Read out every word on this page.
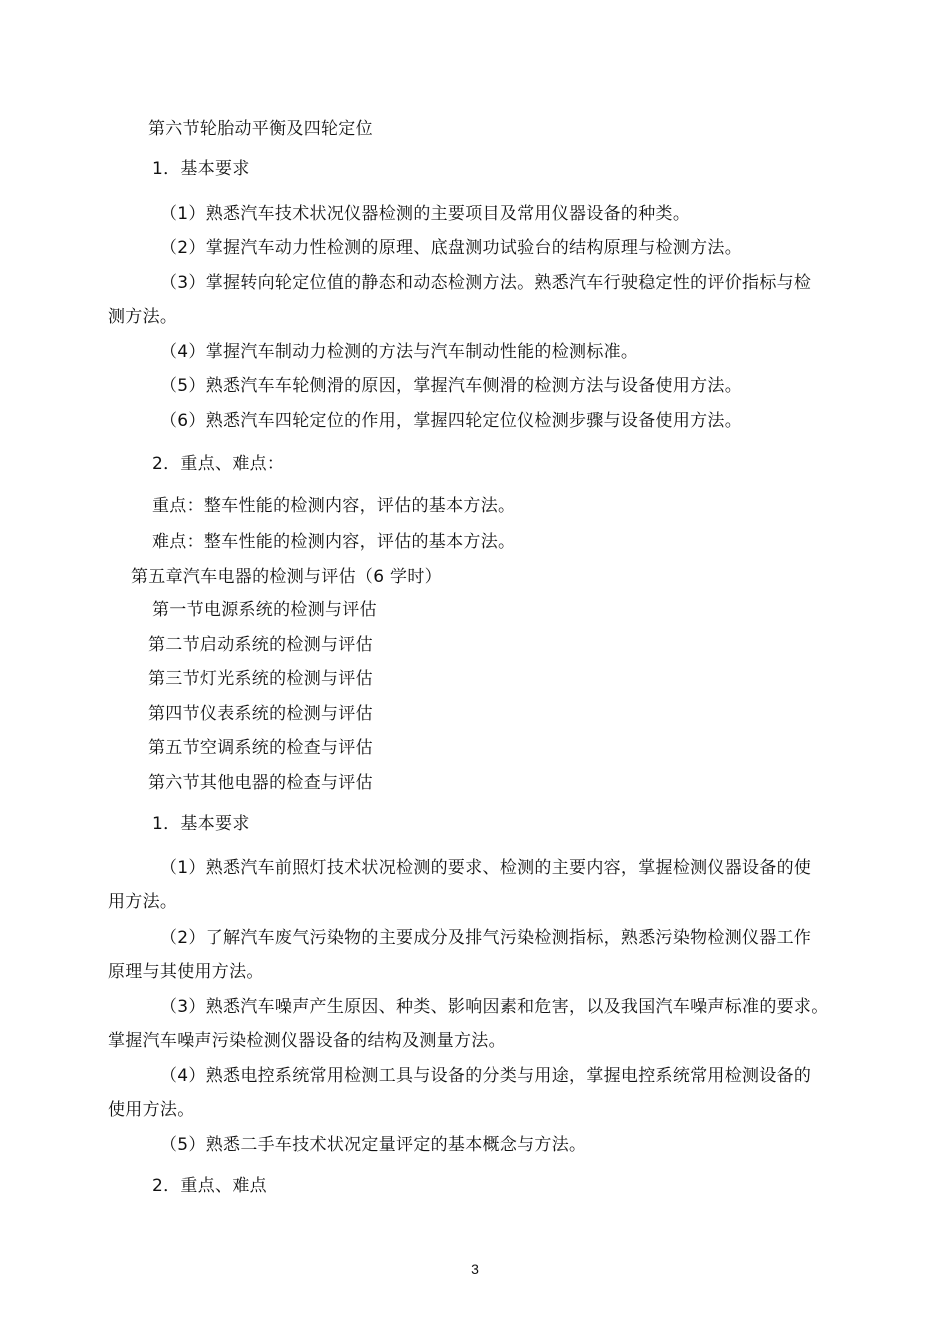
第六节轮胎动平衡及四轮定位
1．基本要求
（1）熟悉汽车技术状况仪器检测的主要项目及常用仪器设备的种类。
（2）掌握汽车动力性检测的原理、底盘测功试验台的结构原理与检测方法。
（3）掌握转向轮定位值的静态和动态检测方法。熟悉汽车行驶稳定性的评价指标与检
测方法。
（4）掌握汽车制动力检测的方法与汽车制动性能的检测标准。
（5）熟悉汽车车轮侧滑的原因，掌握汽车侧滑的检测方法与设备使用方法。
（6）熟悉汽车四轮定位的作用，掌握四轮定位仪检测步骤与设备使用方法。
2．重点、难点：
重点：整车性能的检测内容，评估的基本方法。
难点：整车性能的检测内容，评估的基本方法。
第五章汽车电器的检测与评估（6 学时）
第一节电源系统的检测与评估
第二节启动系统的检测与评估
第三节灯光系统的检测与评估
第四节仪表系统的检测与评估
第五节空调系统的检查与评估
第六节其他电器的检查与评估
1．基本要求
（1）熟悉汽车前照灯技术状况检测的要求、检测的主要内容，掌握检测仪器设备的使
用方法。
（2）了解汽车废气污染物的主要成分及排气污染检测指标，熟悉污染物检测仪器工作
原理与其使用方法。
（3）熟悉汽车噪声产生原因、种类、影响因素和危害，以及我国汽车噪声标准的要求。
掌握汽车噪声污染检测仪器设备的结构及测量方法。
（4）熟悉电控系统常用检测工具与设备的分类与用途，掌握电控系统常用检测设备的
使用方法。
（5）熟悉二手车技术状况定量评定的基本概念与方法。
2．重点、难点
3
